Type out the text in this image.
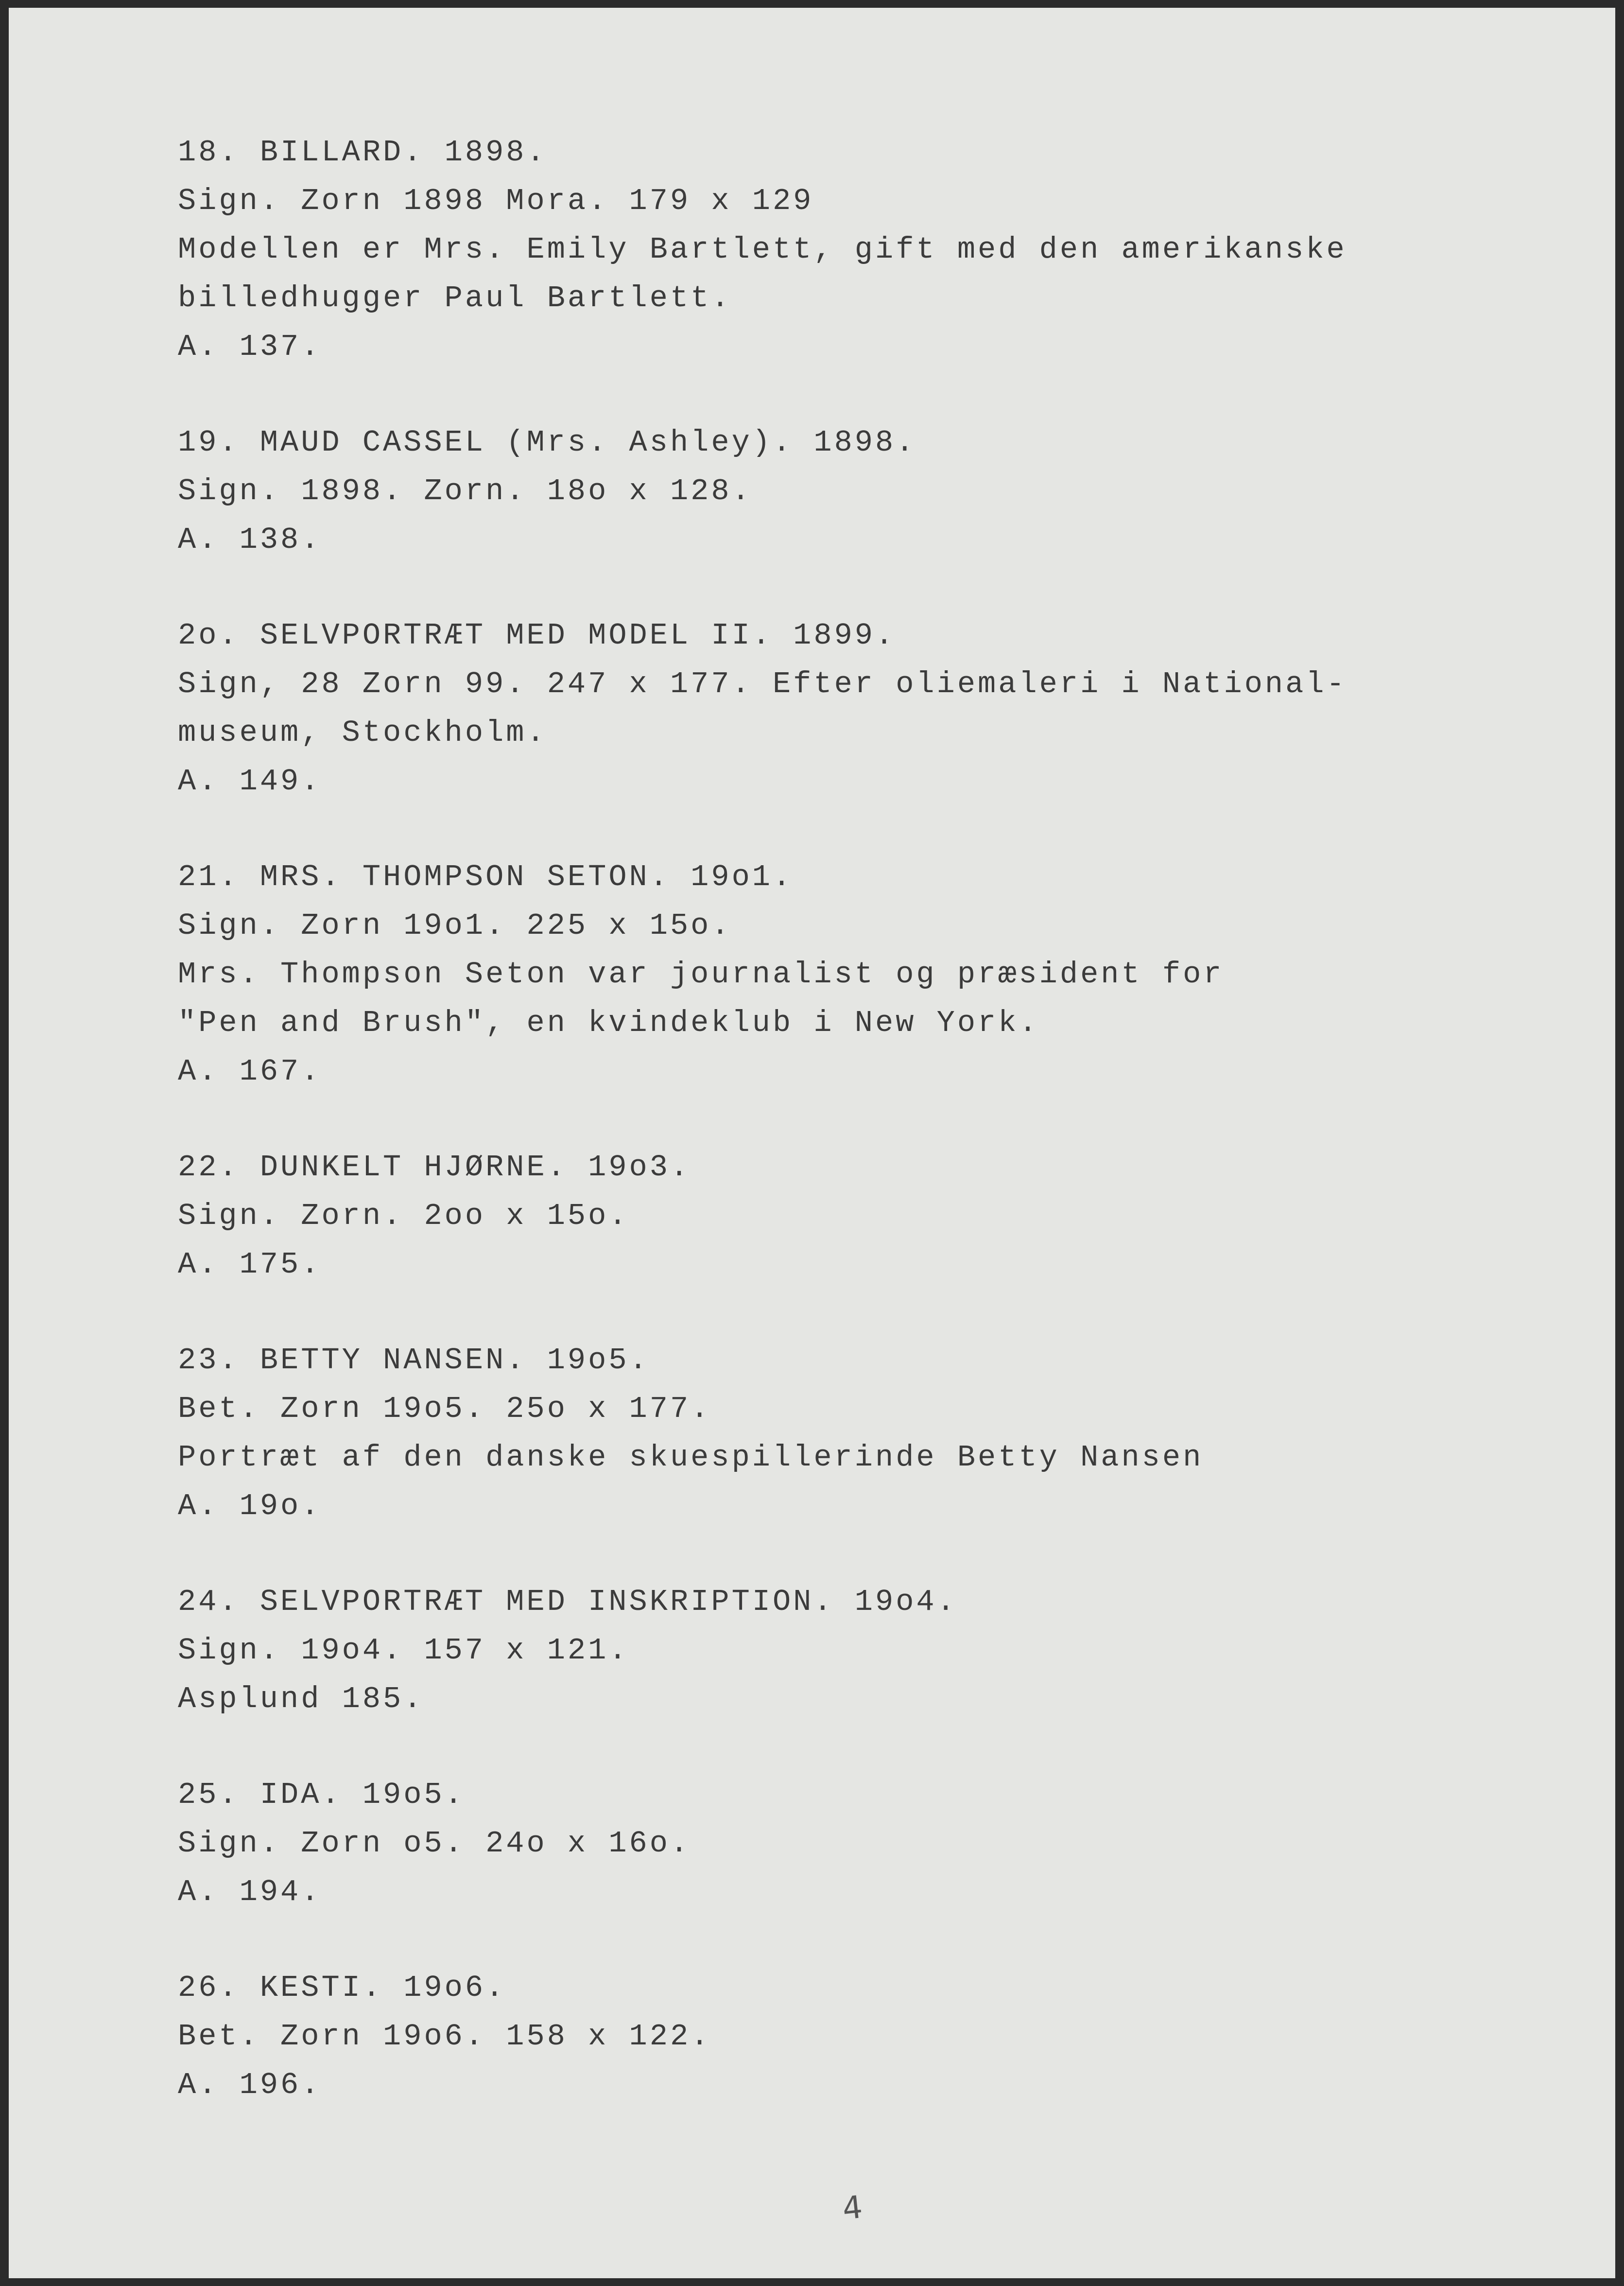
18. BILLARD. 1898.
Sign. Zorn 1898 Mora. 179 x 129
Modellen er Mrs. Emily Bartlett, gift med den amerikanske
billedhugger Paul Bartlett.
A. 137.
19. MAUD CASSEL (Mrs. Ashley). 1898.
Sign. 1898. Zorn. 18o x 128.
A. 138.
2o. SELVPORTRÆT MED MODEL II. 1899.
Sign, 28 Zorn 99. 247 x 177. Efter oliemaleri i National-
museum, Stockholm.
A. 149.
21. MRS. THOMPSON SETON. 19o1.
Sign. Zorn 19o1. 225 x 15o.
Mrs. Thompson Seton var journalist og præsident for
"Pen and Brush", en kvindeklub i New York.
A. 167.
22. DUNKELT HJØRNE. 19o3.
Sign. Zorn. 2oo x 15o.
A. 175.
23. BETTY NANSEN. 19o5.
Bet. Zorn 19o5. 25o x 177.
Portræt af den danske skuespillerinde Betty Nansen
A. 19o.
24. SELVPORTRÆT MED INSKRIPTION. 19o4.
Sign. 19o4. 157 x 121.
Asplund 185.
25. IDA. 19o5.
Sign. Zorn o5. 24o x 16o.
A. 194.
26. KESTI. 19o6.
Bet. Zorn 19o6. 158 x 122.
A. 196.
4
